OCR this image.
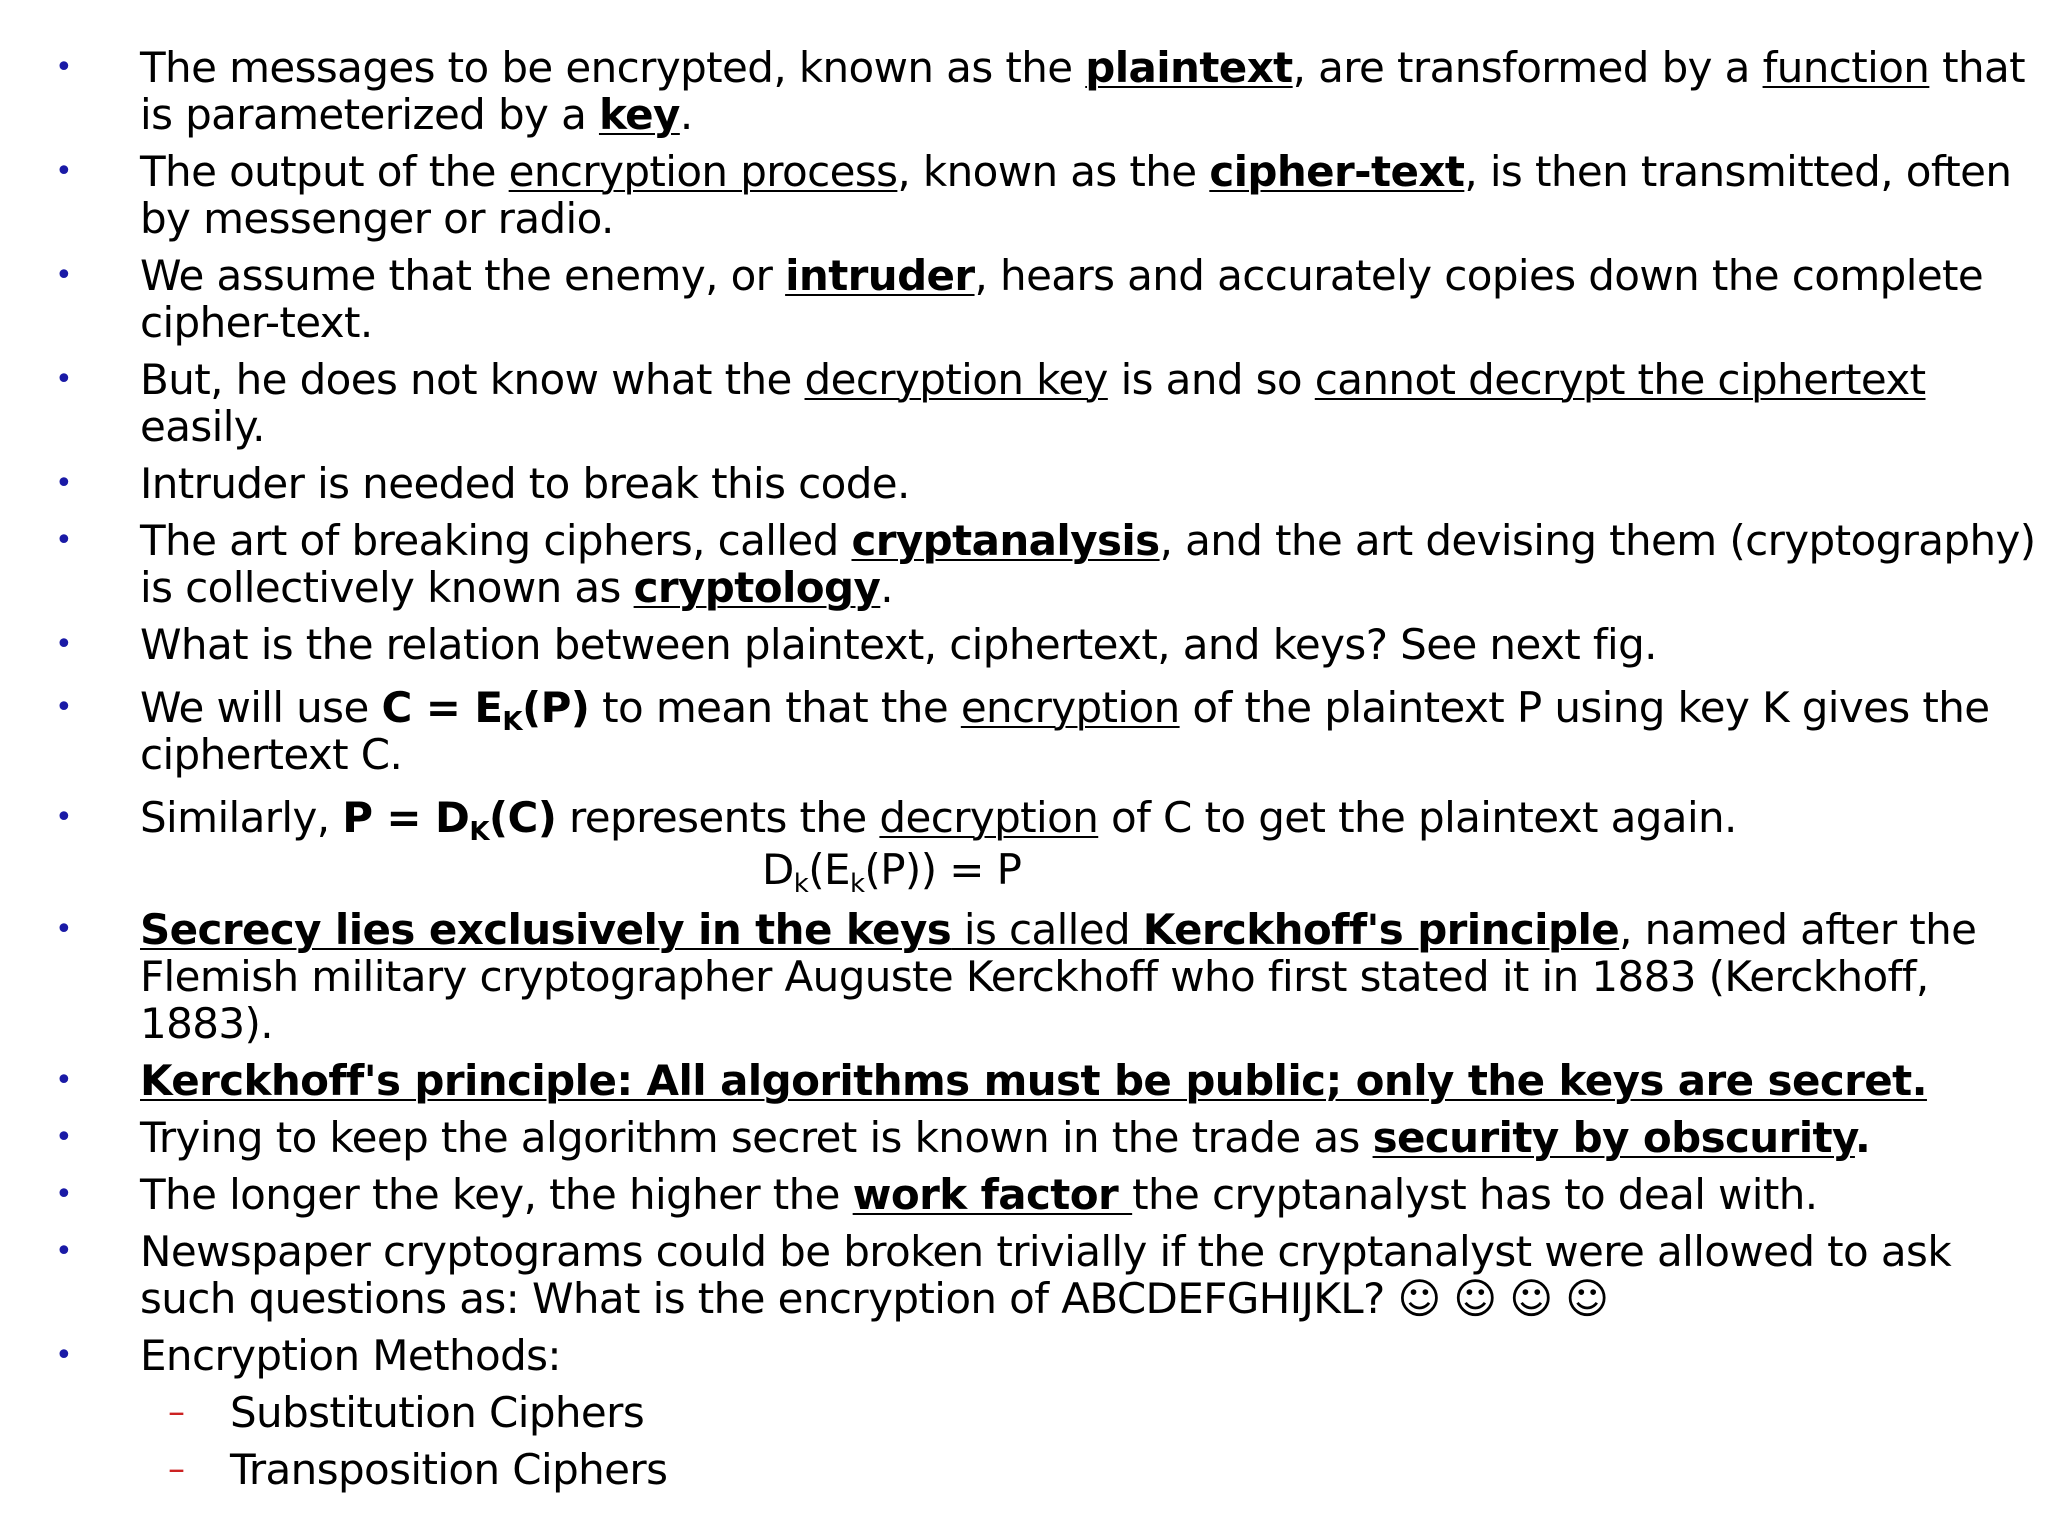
• The messages to be encrypted, known as the plaintext, are transformed by a function that
is parameterized by a key.
• The output of the encryption process, known as the cipher-text, is then transmitted, often
by messenger or radio.
• We assume that the enemy, or intruder, hears and accurately copies down the complete
cipher-text.
• But, he does not know what the decryption key is and so cannot decrypt the ciphertext
easily.
• Intruder is needed to break this code.
• The art of breaking ciphers, called cryptanalysis, and the art devising them (cryptography)
is collectively known as cryptology.
• What is the relation between plaintext, ciphertext, and keys? See next fig.
• We will use $C = E_K(P)$ to mean that the encryption of the plaintext P using key K gives the
ciphertext C.
• Similarly, $P = D_K(C)$ represents the decryption of C to get the plaintext again.
$D_k(E_k(P)) = P$
• Secrecy lies exclusively in the keys is called Kerckhoff's principle, named after the
Flemish military cryptographer Auguste Kerckhoff who first stated it in 1883 (Kerckhoff,
1883).
• Kerckhoff's principle: All algorithms must be public; only the keys are secret.
• Trying to keep the algorithm secret is known in the trade as security by obscurity.
• The longer the key, the higher the work factor the cryptanalyst has to deal with.
• Newspaper cryptograms could be broken trivially if the cryptanalyst were allowed to ask
such questions as: What is the encryption of ABCDEFGHIJKL? ☺ ☺ ☺ ☺
• Encryption Methods:
– Substitution Ciphers
– Transposition Ciphers
